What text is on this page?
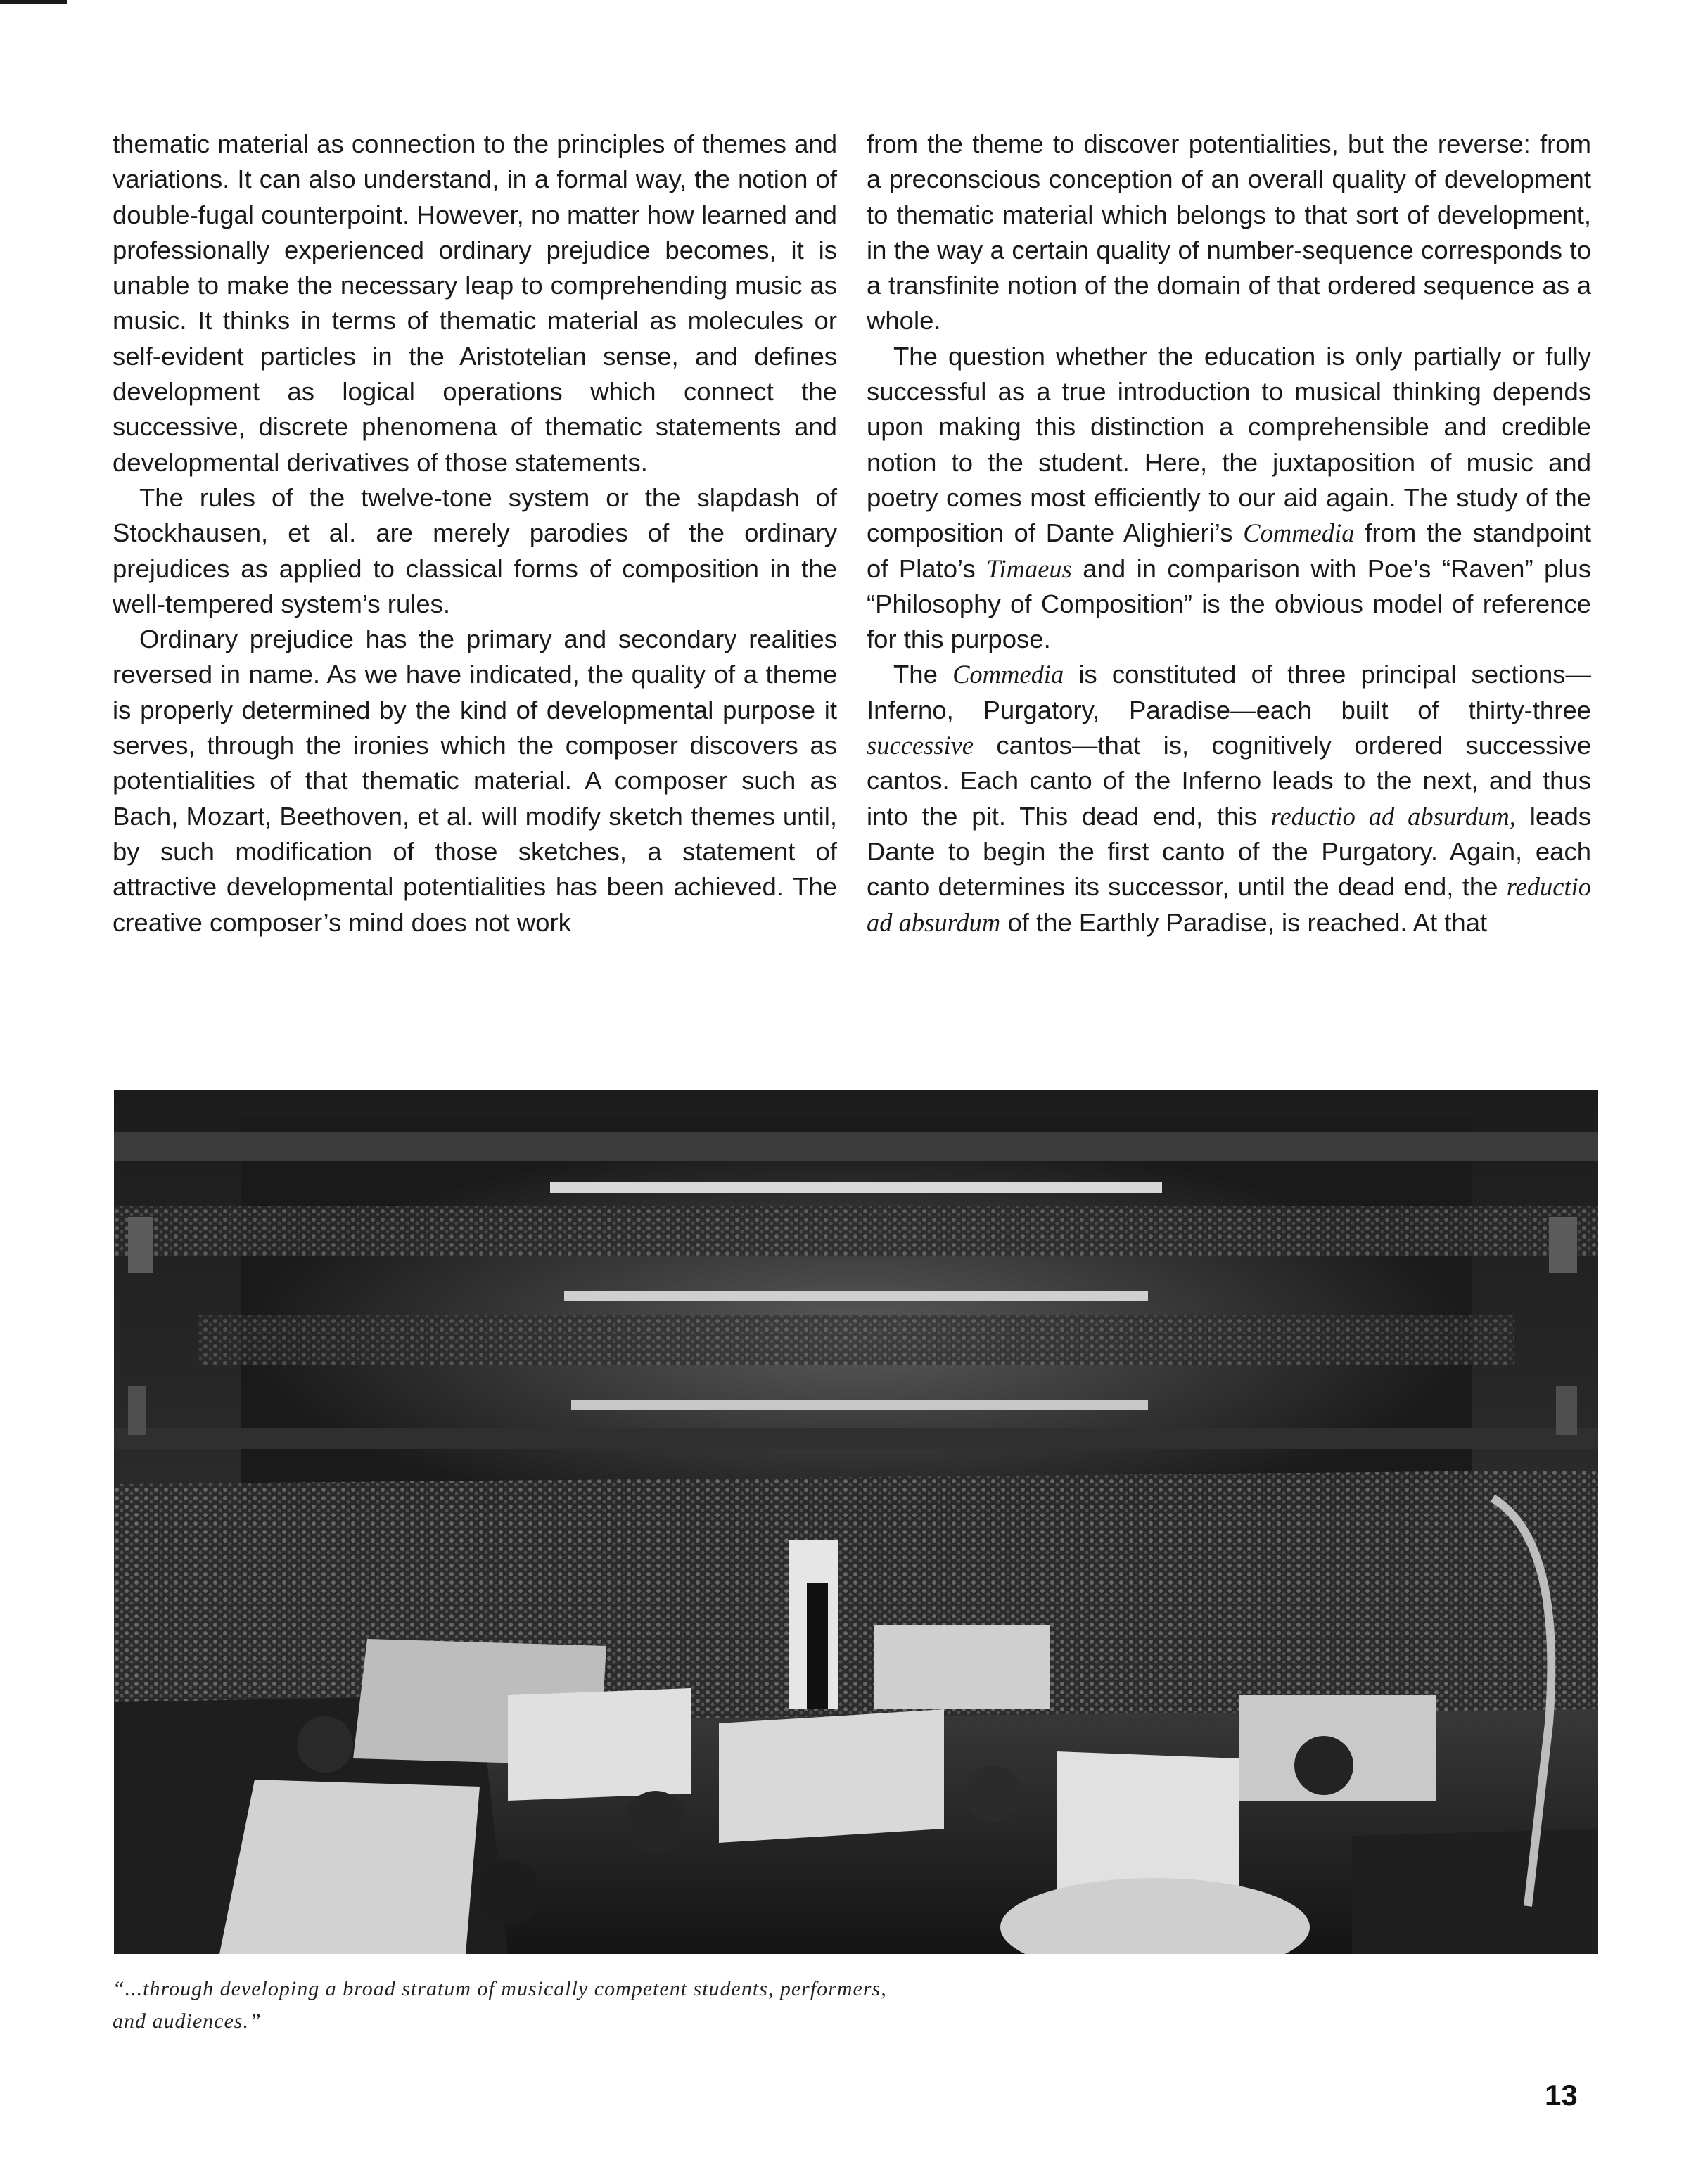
thematic material as connection to the principles of themes and variations. It can also understand, in a formal way, the notion of double-fugal counterpoint. However, no matter how learned and professionally experienced ordinary prejudice becomes, it is unable to make the necessary leap to comprehending music as music. It thinks in terms of thematic material as molecules or self-evident particles in the Aristotelian sense, and defines development as logical operations which connect the successive, discrete phenomena of thematic statements and developmental derivatives of those statements.

The rules of the twelve-tone system or the slapdash of Stockhausen, et al. are merely parodies of the ordinary prejudices as applied to classical forms of composition in the well-tempered system’s rules.

Ordinary prejudice has the primary and secondary realities reversed in name. As we have indicated, the quality of a theme is properly determined by the kind of developmental purpose it serves, through the ironies which the composer discovers as potentialities of that thematic material. A composer such as Bach, Mozart, Beethoven, et al. will modify sketch themes until, by such modification of those sketches, a statement of attractive developmental potentialities has been achieved. The creative composer’s mind does not work

from the theme to discover potentialities, but the reverse: from a preconscious conception of an overall quality of development to thematic material which belongs to that sort of development, in the way a certain quality of number-sequence corresponds to a transfinite notion of the domain of that ordered sequence as a whole.

The question whether the education is only partially or fully successful as a true introduction to musical thinking depends upon making this distinction a comprehensible and credible notion to the student. Here, the juxtaposition of music and poetry comes most efficiently to our aid again. The study of the composition of Dante Alighieri’s Commedia from the standpoint of Plato’s Timaeus and in comparison with Poe’s “Raven” plus “Philosophy of Composition” is the obvious model of reference for this purpose.

The Commedia is constituted of three principal sections—Inferno, Purgatory, Paradise—each built of thirty-three successive cantos—that is, cognitively ordered successive cantos. Each canto of the Inferno leads to the next, and thus into the pit. This dead end, this reductio ad absurdum, leads Dante to begin the first canto of the Purgatory. Again, each canto determines its successor, until the dead end, the reductio ad absurdum of the Earthly Paradise, is reached. At that

“...through developing a broad stratum of musically competent students, performers,
and audiences.”
13
